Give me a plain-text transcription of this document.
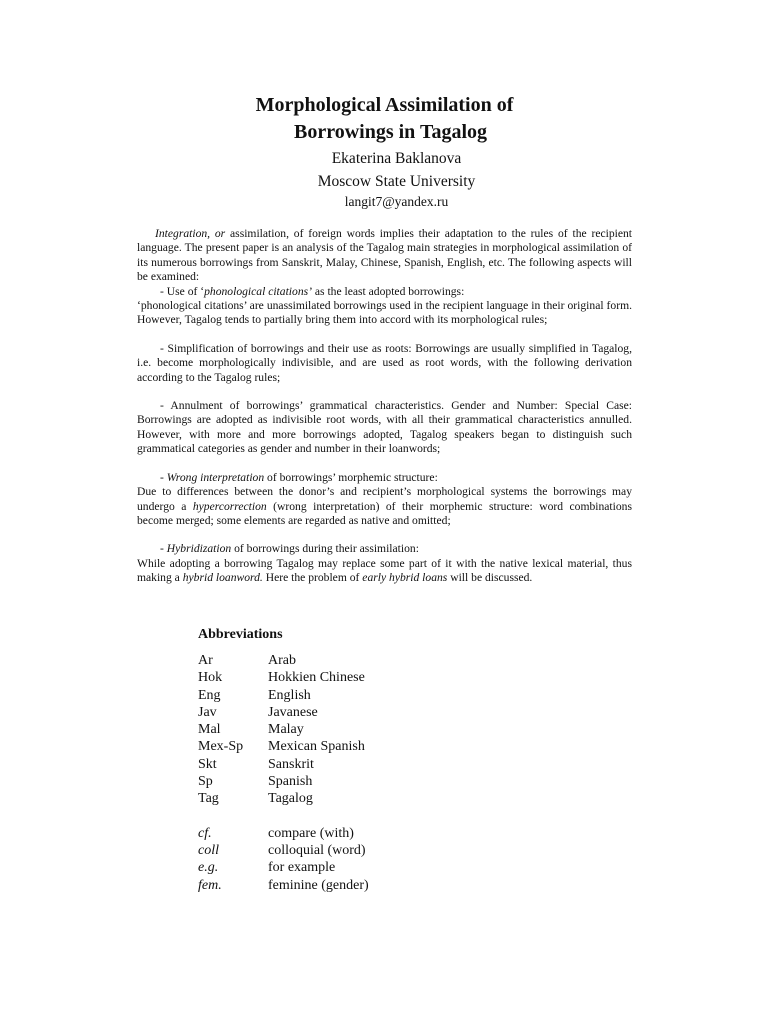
Morphological Assimilation of
Borrowings in Tagalog
Ekaterina Baklanova
Moscow State University
langit7@yandex.ru

Integration, or assimilation, of foreign words implies their adaptation to the rules of the recipient language. The present paper is an analysis of the Tagalog main strategies in morphological assimilation of its numerous borrowings from Sanskrit, Malay, Chinese, Spanish, English, etc. The following aspects will be examined:

- Use of ‘phonological citations’ as the least adopted borrowings:

‘phonological citations’ are unassimilated borrowings used in the recipient language in their original form. However, Tagalog tends to partially bring them into accord with its morphological rules;

- Simplification of borrowings and their use as roots: Borrowings are usually simplified in Tagalog, i.e. become morphologically indivisible, and are used as root words, with the following derivation according to the Tagalog rules;

- Annulment of borrowings’ grammatical characteristics. Gender and Number: Special Case: Borrowings are adopted as indivisible root words, with all their grammatical characteristics annulled. However, with more and more borrowings adopted, Tagalog speakers began to distinguish such grammatical categories as gender and number in their loanwords;

- Wrong interpretation of borrowings’ morphemic structure:

Due to differences between the donor’s and recipient’s morphological systems the borrowings may undergo a hypercorrection (wrong interpretation) of their morphemic structure: word combinations become merged; some elements are regarded as native and omitted;

- Hybridization of borrowings during their assimilation:

While adopting a borrowing Tagalog may replace some part of it with the native lexical material, thus making a hybrid loanword. Here the problem of early hybrid loans will be discussed.

Abbreviations
Ar	Arab
Hok	Hokkien Chinese
Eng	English
Jav	Javanese
Mal	Malay
Mex-Sp	Mexican Spanish
Skt	Sanskrit
Sp	Spanish
Tag	Tagalog
cf.	compare (with)
coll	colloquial (word)
e.g.	for example
fem.	feminine (gender)
